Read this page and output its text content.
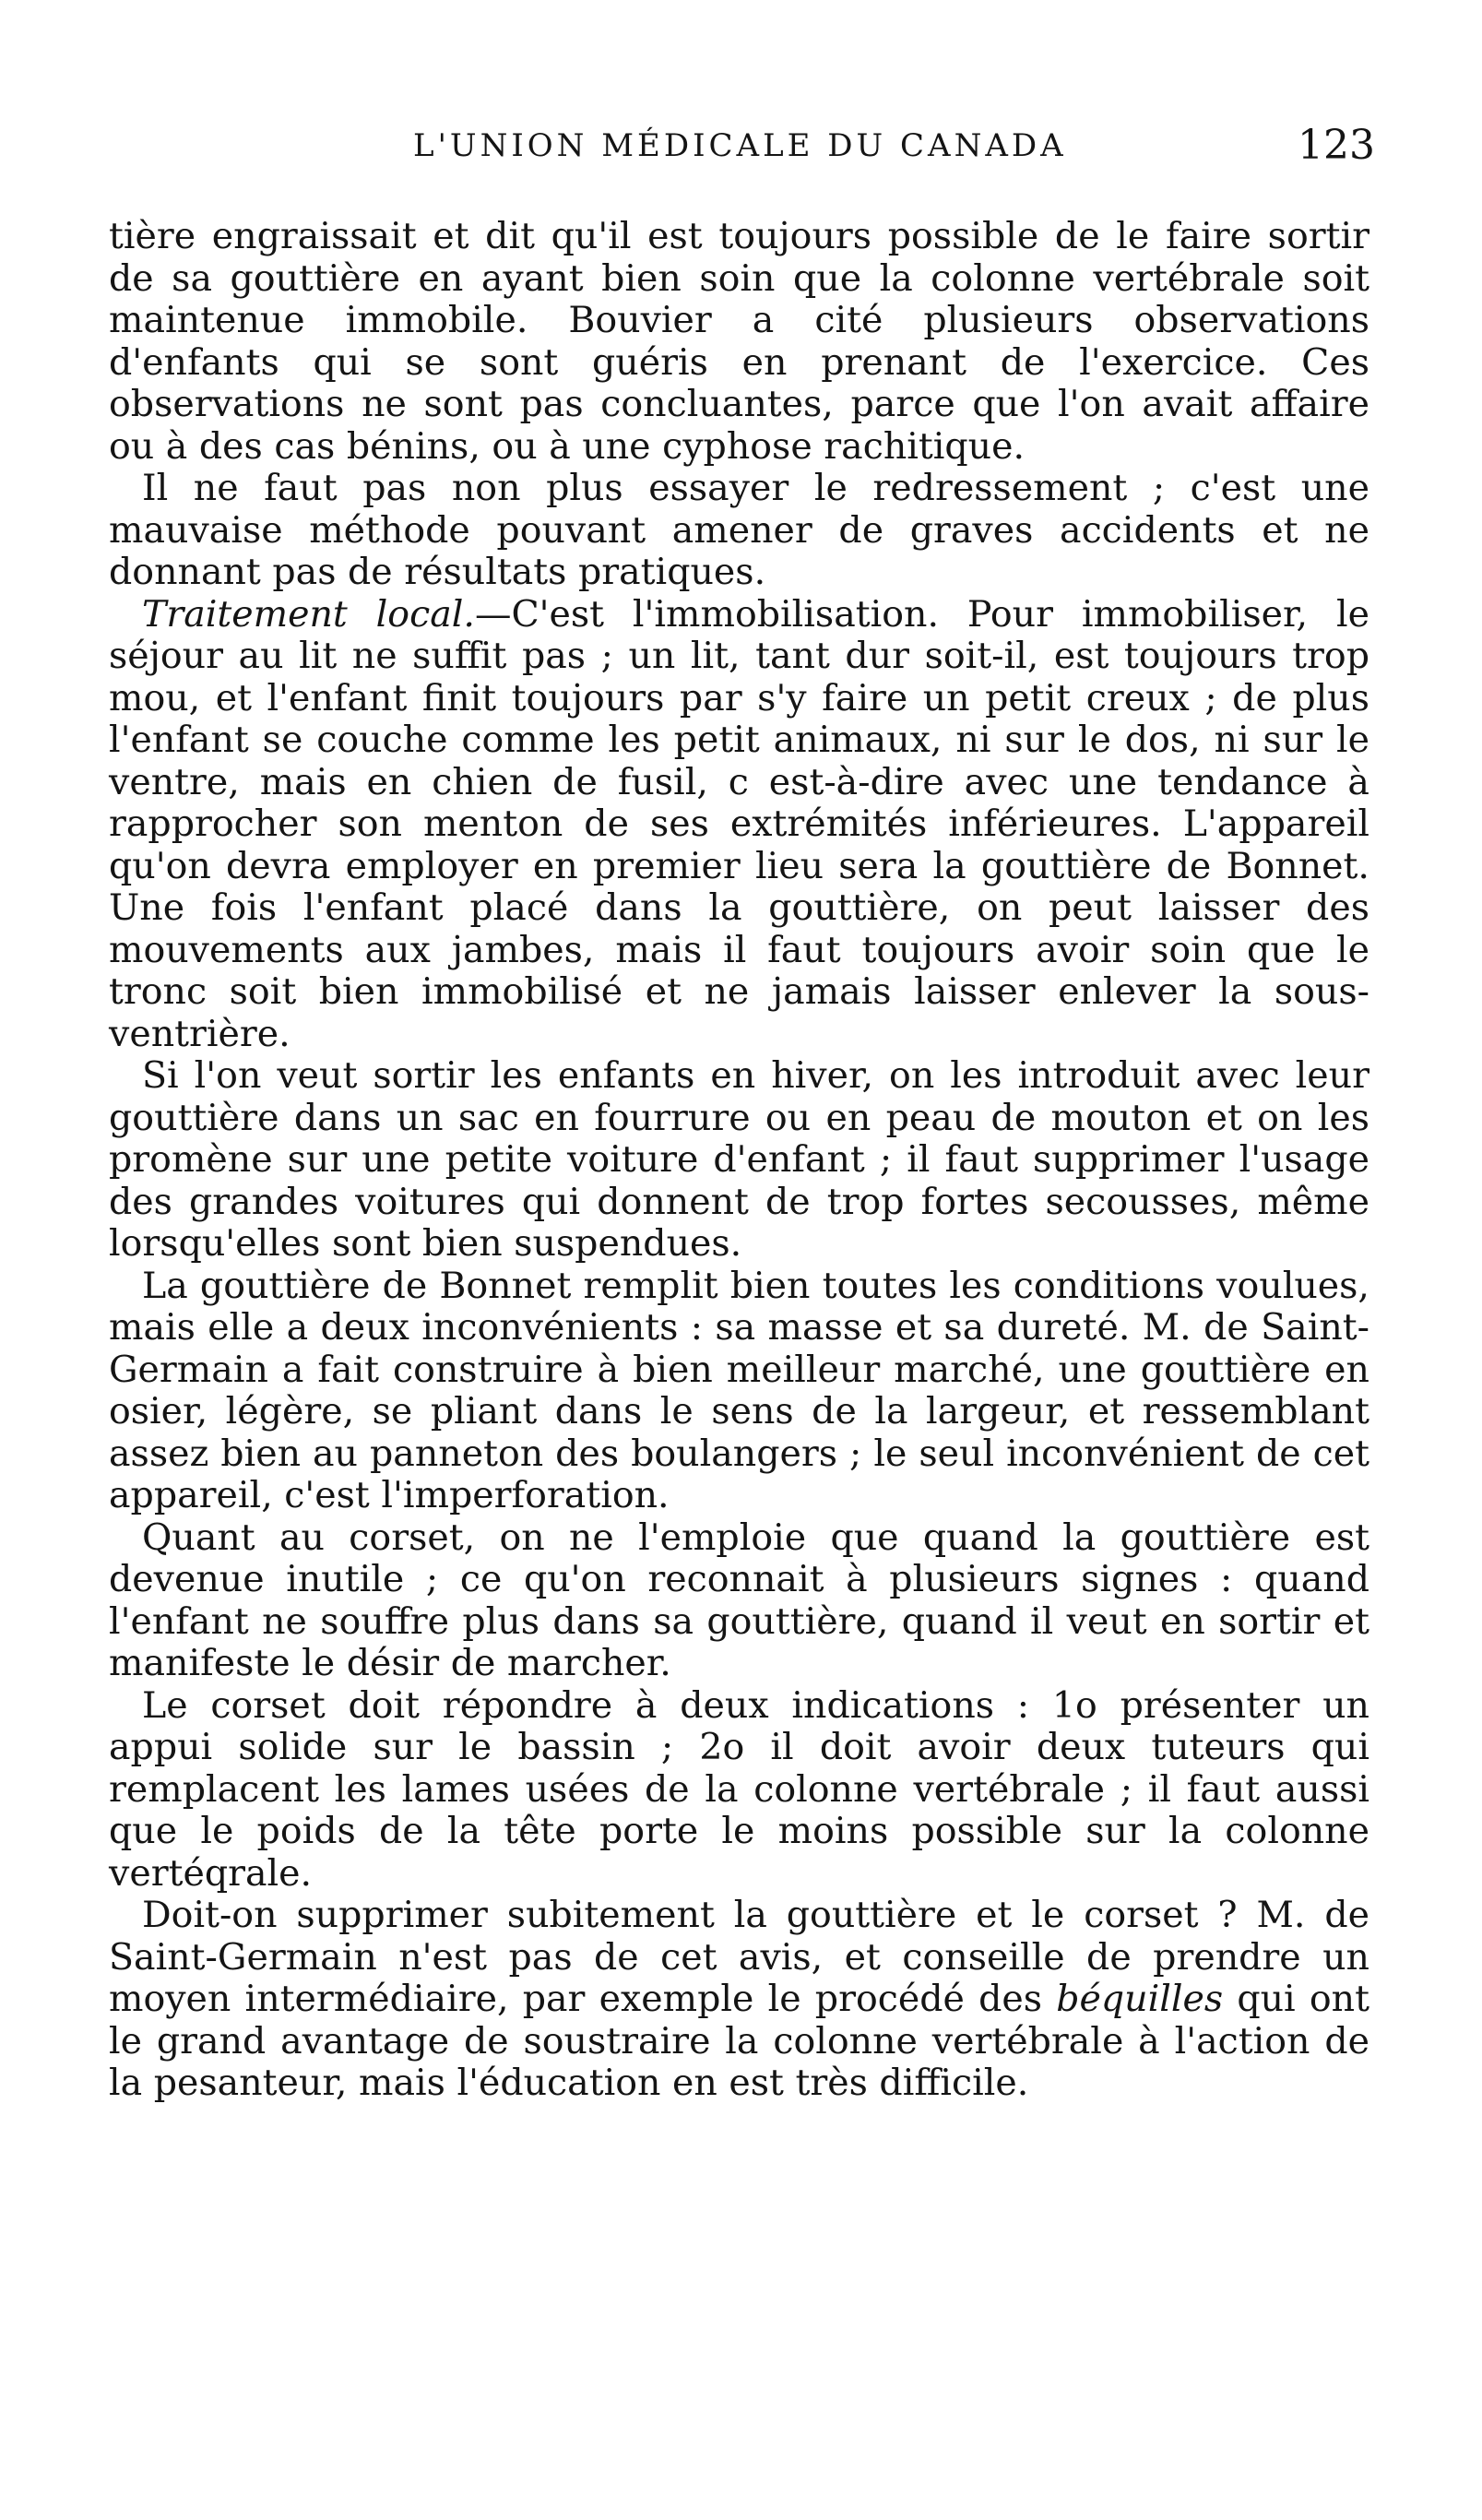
L'UNION MÉDICALE DU CANADA	123

tière engraissait et dit qu'il est toujours possible de le faire sortir de sa gouttière en ayant bien soin que la colonne vertébrale soit maintenue immobile. Bouvier a cité plusieurs observations d'enfants qui se sont guéris en prenant de l'exercice. Ces observations ne sont pas concluantes, parce que l'on avait affaire ou à des cas bénins, ou à une cyphose rachitique.

Il ne faut pas non plus essayer le redressement ; c'est une mauvaise méthode pouvant amener de graves accidents et ne donnant pas de résultats pratiques.

Traitement local.—C'est l'immobilisation. Pour immobiliser, le séjour au lit ne suffit pas ; un lit, tant dur soit-il, est toujours trop mou, et l'enfant finit toujours par s'y faire un petit creux ; de plus l'enfant se couche comme les petit animaux, ni sur le dos, ni sur le ventre, mais en chien de fusil, c est-à-dire avec une tendance à rapprocher son menton de ses extrémités inférieures. L'appareil qu'on devra employer en premier lieu sera la gouttière de Bonnet. Une fois l'enfant placé dans la gouttière, on peut laisser des mouvements aux jambes, mais il faut toujours avoir soin que le tronc soit bien immobilisé et ne jamais laisser enlever la sous-ventrière.

Si l'on veut sortir les enfants en hiver, on les introduit avec leur gouttière dans un sac en fourrure ou en peau de mouton et on les promène sur une petite voiture d'enfant ; il faut supprimer l'usage des grandes voitures qui donnent de trop fortes secousses, même lorsqu'elles sont bien suspendues.

La gouttière de Bonnet remplit bien toutes les conditions voulues, mais elle a deux inconvénients : sa masse et sa dureté. M. de Saint-Germain a fait construire à bien meilleur marché, une gouttière en osier, légère, se pliant dans le sens de la largeur, et ressemblant assez bien au panneton des boulangers ; le seul inconvénient de cet appareil, c'est l'imperforation.

Quant au corset, on ne l'emploie que quand la gouttière est devenue inutile ; ce qu'on reconnait à plusieurs signes : quand l'enfant ne souffre plus dans sa gouttière, quand il veut en sortir et manifeste le désir de marcher.

Le corset doit répondre à deux indications : 1o présenter un appui solide sur le bassin ; 2o il doit avoir deux tuteurs qui remplacent les lames usées de la colonne vertébrale ; il faut aussi que le poids de la tête porte le moins possible sur la colonne vertéqrale.

Doit-on supprimer subitement la gouttière et le corset ? M. de Saint-Germain n'est pas de cet avis, et conseille de prendre un moyen intermédiaire, par exemple le procédé des béquilles qui ont le grand avantage de soustraire la colonne vertébrale à l'action de la pesanteur, mais l'éducation en est très difficile.
